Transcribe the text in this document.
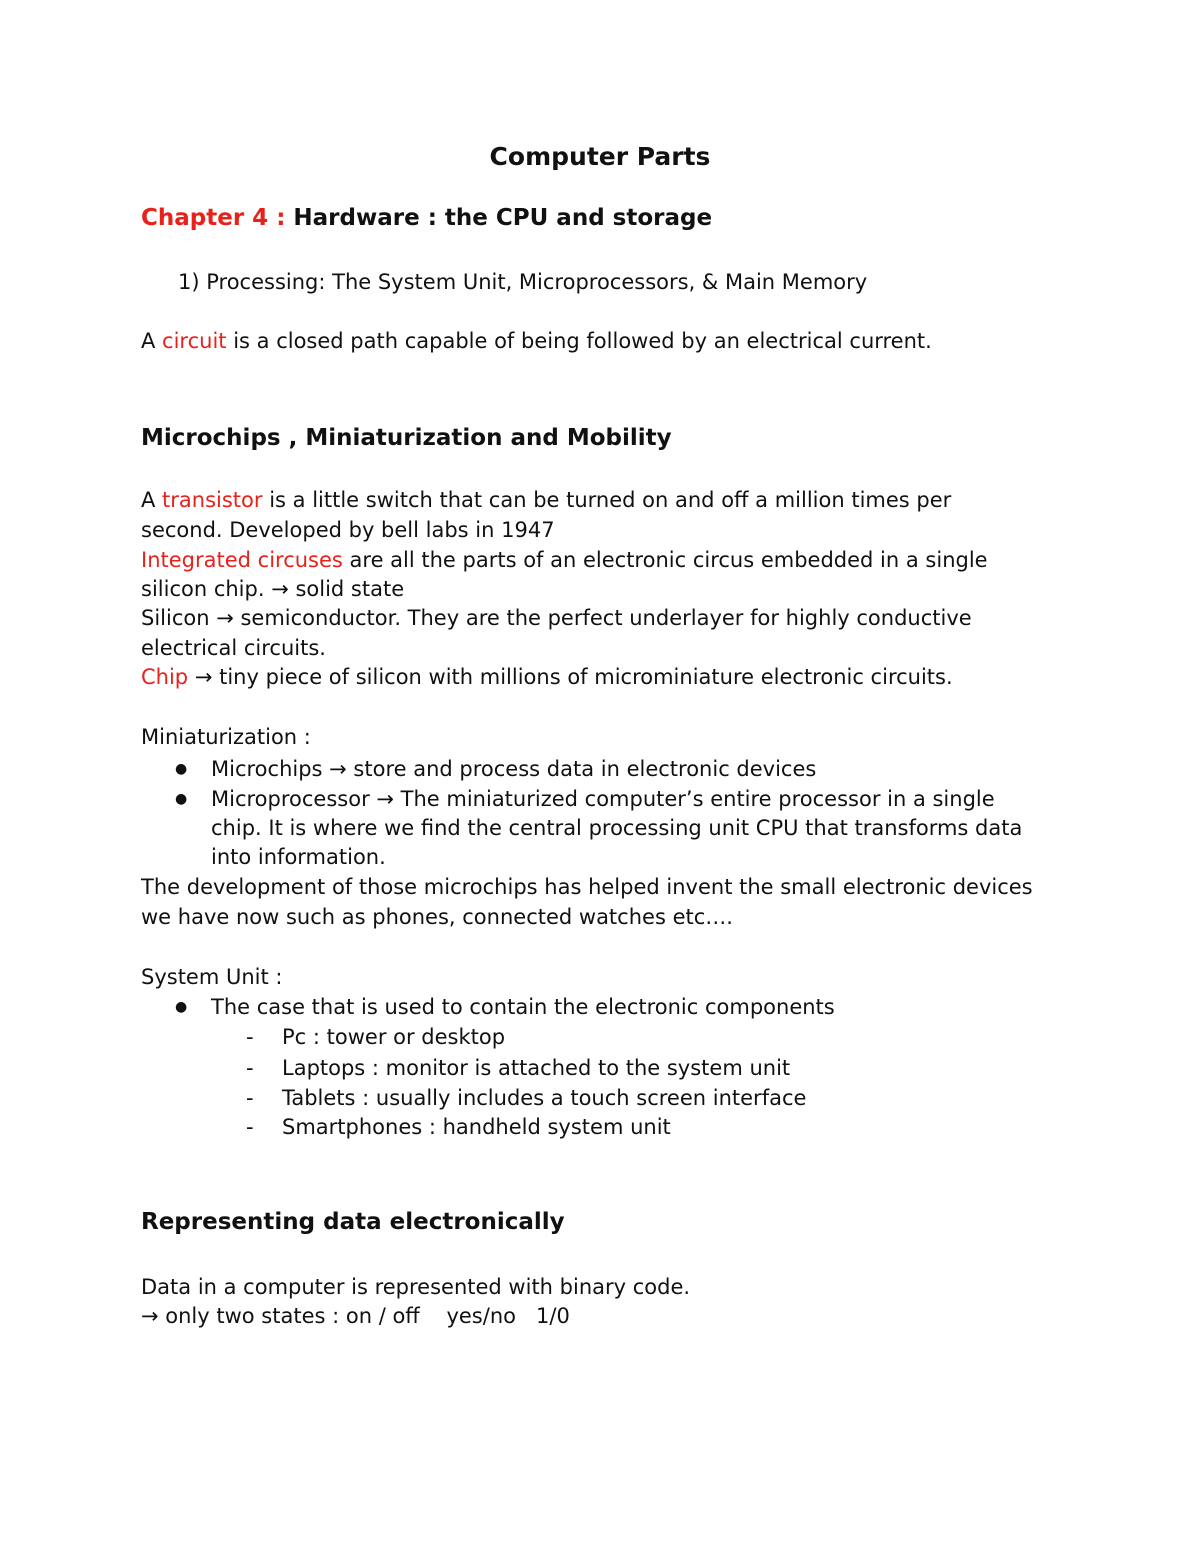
Computer Parts
Chapter 4 : Hardware : the CPU and storage
1) Processing: The System Unit, Microprocessors, & Main Memory
A circuit is a closed path capable of being followed by an electrical current.
Microchips , Miniaturization and Mobility
A transistor is a little switch that can be turned on and off a million times per
second. Developed by bell labs in 1947
Integrated circuses are all the parts of an electronic circus embedded in a single
silicon chip. → solid state
Silicon → semiconductor. They are the perfect underlayer for highly conductive
electrical circuits.
Chip → tiny piece of silicon with millions of microminiature electronic circuits.
Miniaturization :
● Microchips → store and process data in electronic devices
● Microprocessor → The miniaturized computer’s entire processor in a single
chip. It is where we find the central processing unit CPU that transforms data
into information.
The development of those microchips has helped invent the small electronic devices
we have now such as phones, connected watches etc….
System Unit :
● The case that is used to contain the electronic components
- Pc : tower or desktop
- Laptops : monitor is attached to the system unit
- Tablets : usually includes a touch screen interface
- Smartphones : handheld system unit
Representing data electronically
Data in a computer is represented with binary code.
→ only two states : on / off    yes/no   1/0
